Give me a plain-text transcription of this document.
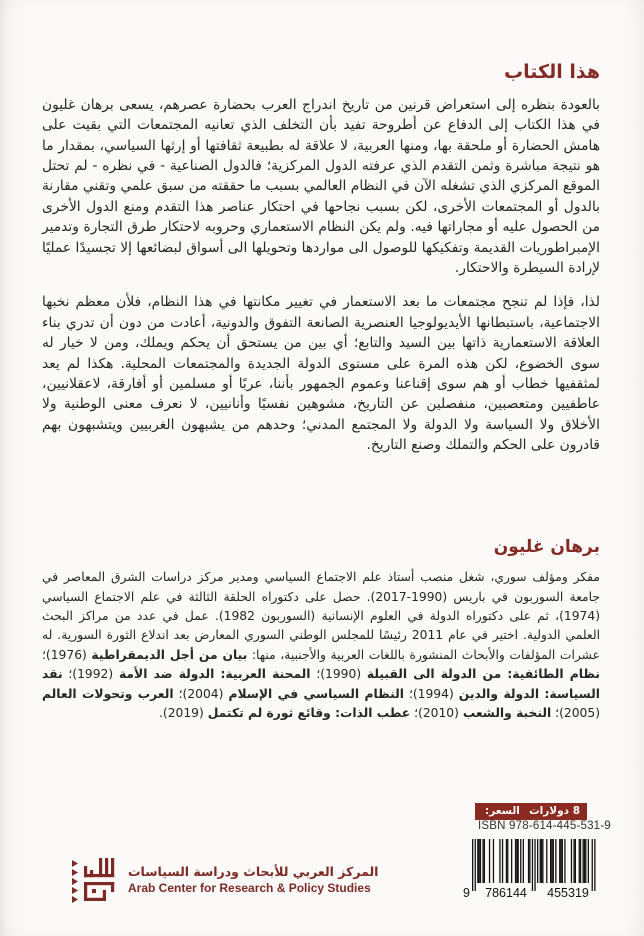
هذا الكتاب

بالعودة بنظره إلى استعراض قرنين من تاريخ اندراج العرب بحضارة عصرهم، يسعى برهان غليون في هذا الكتاب إلى الدفاع عن أطروحة تفيد بأن التخلف الذي تعانيه المجتمعات التي بقيت على هامش الحضارة أو ملحقة بها، ومنها العربية، لا علاقة له بطبيعة ثقافتها أو إرثها السياسي، بمقدار ما هو نتيجة مباشرة وثمن التقدم الذي عرفته الدول المركزية؛ فالدول الصناعية - في نظره - لم تحتل الموقع المركزي الذي تشغله الآن في النظام العالمي بسبب ما حققته من سبق علمي وتقني مقارنة بالدول أو المجتمعات الأخرى، لكن بسبب نجاحها في احتكار عناصر هذا التقدم ومنع الدول الأخرى من الحصول عليه أو مجاراتها فيه. ولم يكن النظام الاستعماري وحروبه لاحتكار طرق التجارة وتدمير الإمبراطوريات القديمة وتفكيكها للوصول الى مواردها وتحويلها الى أسواق لبضائعها إلا تجسيدًا عمليًا لإرادة السيطرة والاحتكار.

لذا، فإذا لم تنجح مجتمعات ما بعد الاستعمار في تغيير مكانتها في هذا النظام، فلأن معظم نخبها الاجتماعية، باستبطانها الأيديولوجيا العنصرية الصانعة التفوق والدونية، أعادت من دون أن تدري بناء العلاقة الاستعمارية ذاتها بين السيد والتابع؛ أي بين من يستحق أن يحكم ويملك، ومن لا خيار له سوى الخضوع، لكن هذه المرة على مستوى الدولة الجديدة والمجتمعات المحلية. هكذا لم يعد لمثقفيها خطاب أو هم سوى إقناعنا وعموم الجمهور بأننا، عربًا أو مسلمين أو أفارقة، لاعقلانيين، عاطفيين ومتعصبين، منفصلين عن التاريخ، مشوهين نفسيًا وأنانيين، لا نعرف معنى الوطنية ولا الأخلاق ولا السياسة ولا الدولة ولا المجتمع المدني؛ وحدهم من يشبهون الغربيين ويتشبهون بهم قادرون على الحكم والتملك وصنع التاريخ.

برهان غليون

مفكر ومؤلف سوري، شغل منصب أستاذ علم الاجتماع السياسي ومدير مركز دراسات الشرق المعاصر في جامعة السوربون في باريس (1990-2017). حصل على دكتوراه الحلقة الثالثة في علم الاجتماع السياسي (1974)، ثم على دكتوراه الدولة في العلوم الإنسانية (السوربون 1982). عمل في عدد من مراكز البحث العلمي الدولية. اختير في عام 2011 رئيسًا للمجلس الوطني السوري المعارض بعد اندلاع الثورة السورية. له عشرات المؤلفات والأبحاث المنشورة باللغات العربية والأجنبية، منها: بيان من أجل الديمقراطية (1976)؛ نظام الطائفية: من الدولة الى القبيلة (1990)؛ المحنة العربية: الدولة ضد الأمة (1992)؛ نقد السياسة: الدولة والدين (1994)؛ النظام السياسي في الإسلام (2004)؛ العرب وتحولات العالم (2005)؛ النخبة والشعب (2010)؛ عطب الذات: وقائع ثورة لم تكتمل (2019).

السعر: 8 دولارات
ISBN 978-614-445-531-9
9	786144	455319
المركز العربي للأبحاث ودراسة السياسات
Arab Center for Research & Policy Studies
